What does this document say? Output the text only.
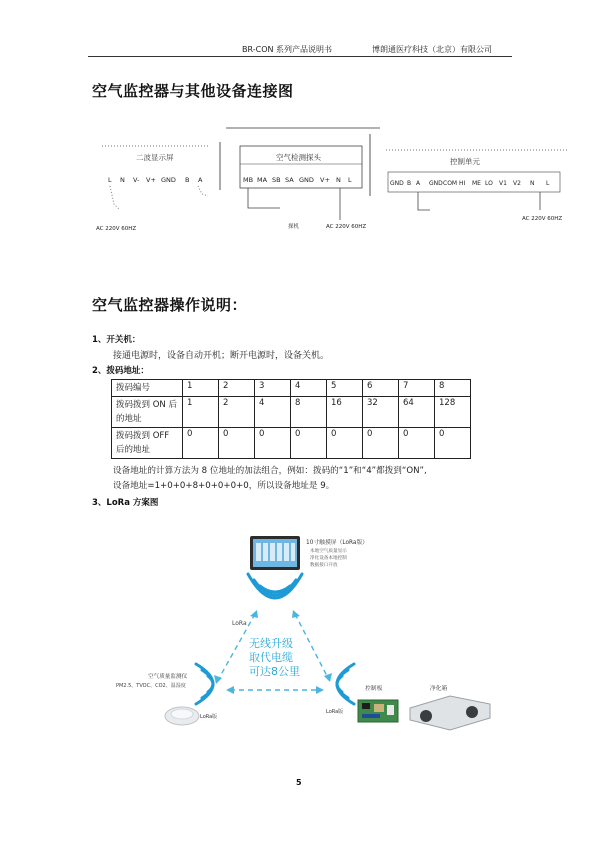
BR-CON 系列产品说明书	博朗通医疗科技（北京）有限公司
空气监控器与其他设备连接图
二波显示屏
L N V- V+ GND B A
AC 220V 60HZ
空气检测探头
MB MA SB SA GND V+ N L
探机	AC 220V 60HZ
控制单元
GND B A GND COM HI ME LO V1 V2 N L
AC 220V 60HZ
空气监控器操作说明：
1、开关机：
接通电源时，设备自动开机；断开电源时，设备关机。
2、拨码地址：
拨码编号	1	2	3	4	5	6	7	8
拨码拨到 ON 后的地址	1	2	4	8	16	32	64	128
拨码拨到 OFF 后的地址	0	0	0	0	0	0	0	0
设备地址的计算方法为 8 位地址的加法组合，例如：拨码的“1”和“4”都拨到“ON”,
设备地址=1+0+0+8+0+0+0+0，所以设备地址是 9。
3、LoRa 方案图
10寸触摸屏（LoRa版）
本地空气质量显示
净化设备本地控制
数据接口开放
LoRa
无线升级
取代电缆
可达8公里
空气质量监测仪
PM2.5、TVOC、CO2、温湿度
LoRa版
LoRa版
控制板	净化箱
5
